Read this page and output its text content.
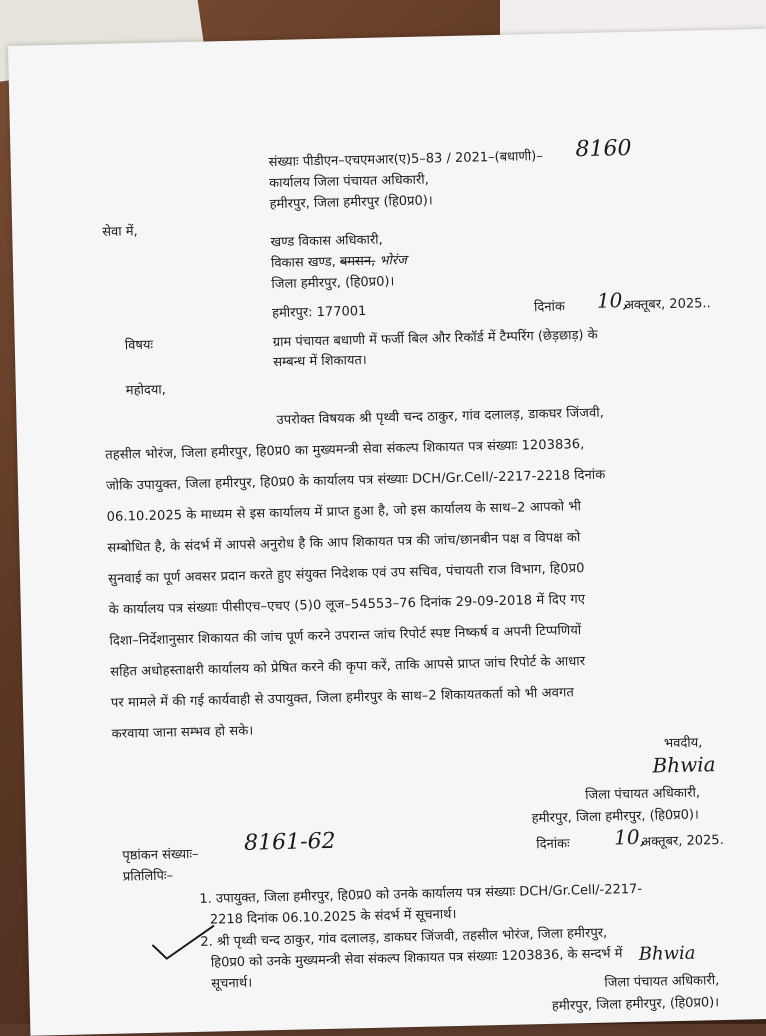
संख्याः पीडीएन–एचएमआर(ए)5–83 / 2021–(बधाणी)– 8160
कार्यालय जिला पंचायत अधिकारी,
हमीरपुर, जिला हमीरपुर (हि0प्र0)।
सेवा में,
खण्ड विकास अधिकारी,
विकास खण्ड, बमसन, भोरंज
जिला हमीरपुर, (हि0प्र0)।
हमीरपुर: 177001	दिनांक 10,
अक्तूबर, 2025..
विषयः	ग्राम पंचायत बधाणी में फर्जी बिल और रिकॉर्ड में टैम्परिंग (छेड़छाड़) के
सम्बन्ध में शिकायत।
महोदया,
उपरोक्त विषयक श्री पृथ्वी चन्द ठाकुर, गांव दलालड़, डाकघर जिंजवी,
तहसील भोरंज, जिला हमीरपुर, हि0प्र0 का मुख्यमन्त्री सेवा संकल्प शिकायत पत्र संख्याः 1203836,
जोकि उपायुक्त, जिला हमीरपुर, हि0प्र0 के कार्यालय पत्र संख्याः DCH/Gr.Cell/-2217-2218 दिनांक
06.10.2025 के माध्यम से इस कार्यालय में प्राप्त हुआ है, जो इस कार्यालय के साथ–2 आपको भी
सम्बोधित है, के संदर्भ में आपसे अनुरोध है कि आप शिकायत पत्र की जांच/छानबीन पक्ष व विपक्ष को
सुनवाई का पूर्ण अवसर प्रदान करते हुए संयुक्त निदेशक एवं उप सचिव, पंचायती राज विभाग, हि0प्र0
के कार्यालय पत्र संख्याः पीसीएच–एचए (5)0 लूज–54553–76 दिनांक 29-09-2018 में दिए गए
दिशा–निर्देशानुसार शिकायत की जांच पूर्ण करने उपरान्त जांच रिपोर्ट स्पष्ट निष्कर्ष व अपनी टिप्पणियों
सहित अधोहस्ताक्षरी कार्यालय को प्रेषित करने की कृपा करें, ताकि आपसे प्राप्त जांच रिपोर्ट के आधार
पर मामले में की गई कार्यवाही से उपायुक्त, जिला हमीरपुर के साथ–2 शिकायतकर्ता को भी अवगत
करवाया जाना सम्भव हो सके।
भवदीय,
Bhwia
जिला पंचायत अधिकारी,
हमीरपुर, जिला हमीरपुर, (हि0प्र0)।
पृष्ठांकन संख्याः– 8161-62	दिनांकः 10,
अक्तूबर, 2025.
प्रतिलिपिः–
1. उपायुक्त, जिला हमीरपुर, हि0प्र0 को उनके कार्यालय पत्र संख्याः DCH/Gr.Cell/-2217-
2218 दिनांक 06.10.2025 के संदर्भ में सूचनार्थ।
2. श्री पृथ्वी चन्द ठाकुर, गांव दलालड़, डाकघर जिंजवी, तहसील भोरंज, जिला हमीरपुर,
हि0प्र0 को उनके मुख्यमन्त्री सेवा संकल्प शिकायत पत्र संख्याः 1203836, के सन्दर्भ में
सूचनार्थ।
Bhwia
जिला पंचायत अधिकारी,
हमीरपुर, जिला हमीरपुर, (हि0प्र0)।
